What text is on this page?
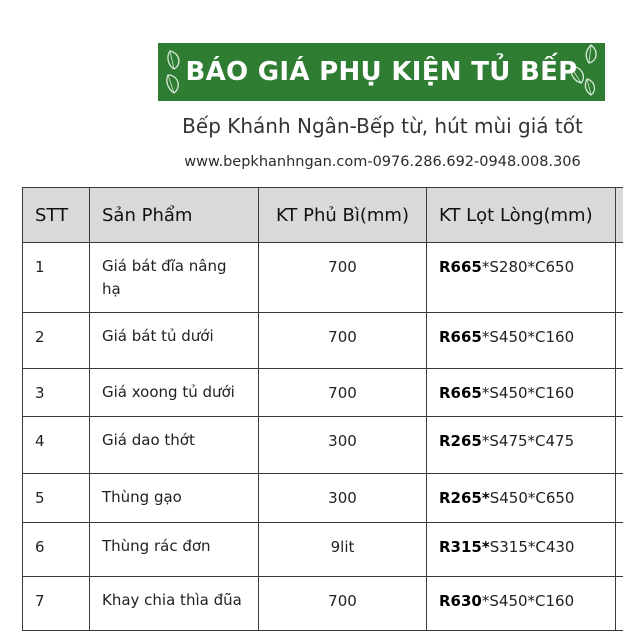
BÁO GIÁ PHỤ KIỆN TỦ BẾP
Bếp Khánh Ngân-Bếp từ, hút mùi giá tốt
www.bepkhanhngan.com-0976.286.692-0948.008.306
STT	Sản Phẩm	KT Phủ Bì(mm)	KT Lọt Lòng(mm)	
1	Giá bát đĩa nâng hạ	700	R665*S280*C650	
2	Giá bát tủ dưới	700	R665*S450*C160	
3	Giá xoong tủ dưới	700	R665*S450*C160	
4	Giá dao thớt	300	R265*S475*C475	
5	Thùng gạo	300	R265*S450*C650	
6	Thùng rác đơn	9lit	R315*S315*C430	
7	Khay chia thìa đũa	700	R630*S450*C160	
